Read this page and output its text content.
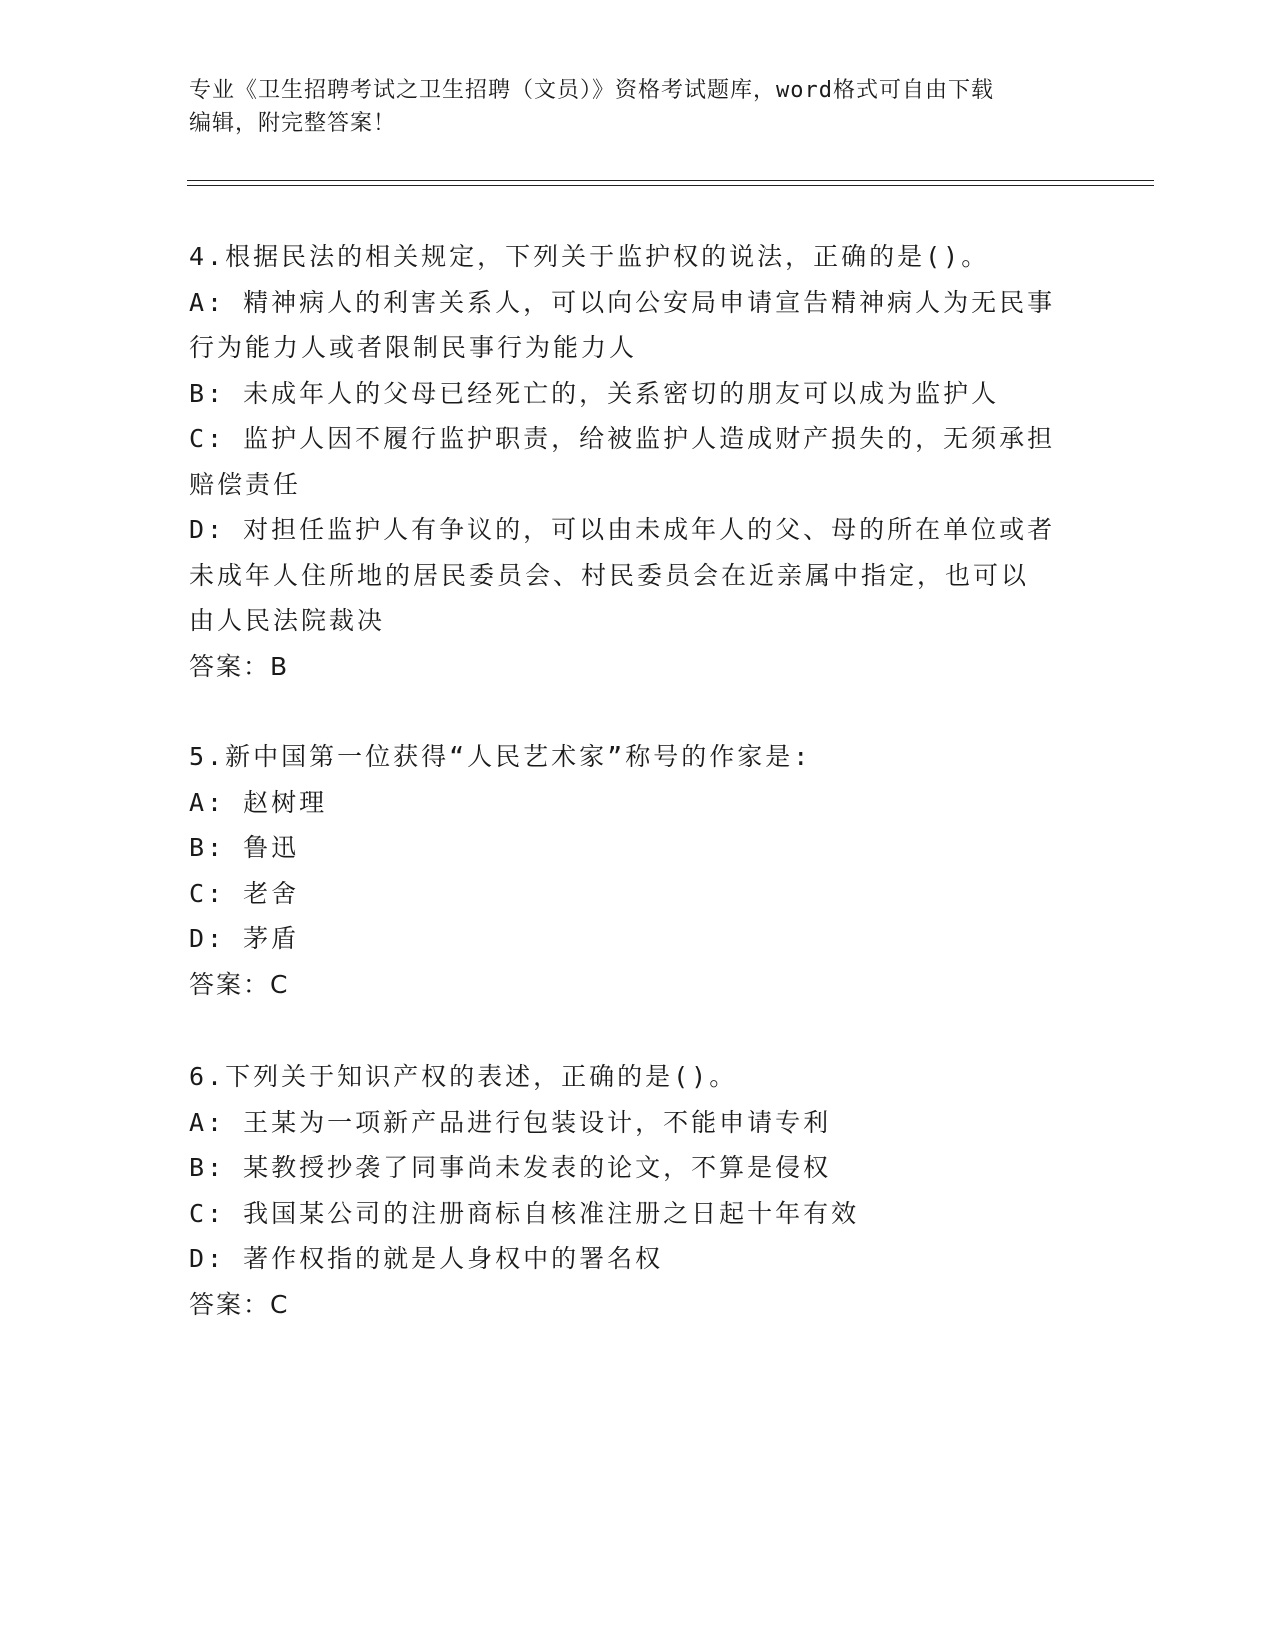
专业《卫生招聘考试之卫生招聘（文员）》资格考试题库，word格式可自由下载
编辑，附完整答案！
4.根据民法的相关规定，下列关于监护权的说法，正确的是()。
A: 精神病人的利害关系人，可以向公安局申请宣告精神病人为无民事
行为能力人或者限制民事行为能力人
B: 未成年人的父母已经死亡的，关系密切的朋友可以成为监护人
C: 监护人因不履行监护职责，给被监护人造成财产损失的，无须承担
赔偿责任
D: 对担任监护人有争议的，可以由未成年人的父、母的所在单位或者
未成年人住所地的居民委员会、村民委员会在近亲属中指定，也可以
由人民法院裁决
答案：B
5.新中国第一位获得“人民艺术家”称号的作家是:
A: 赵树理
B: 鲁迅
C: 老舍
D: 茅盾
答案：C
6.下列关于知识产权的表述，正确的是()。
A: 王某为一项新产品进行包装设计，不能申请专利
B: 某教授抄袭了同事尚未发表的论文，不算是侵权
C: 我国某公司的注册商标自核准注册之日起十年有效
D: 著作权指的就是人身权中的署名权
答案：C
